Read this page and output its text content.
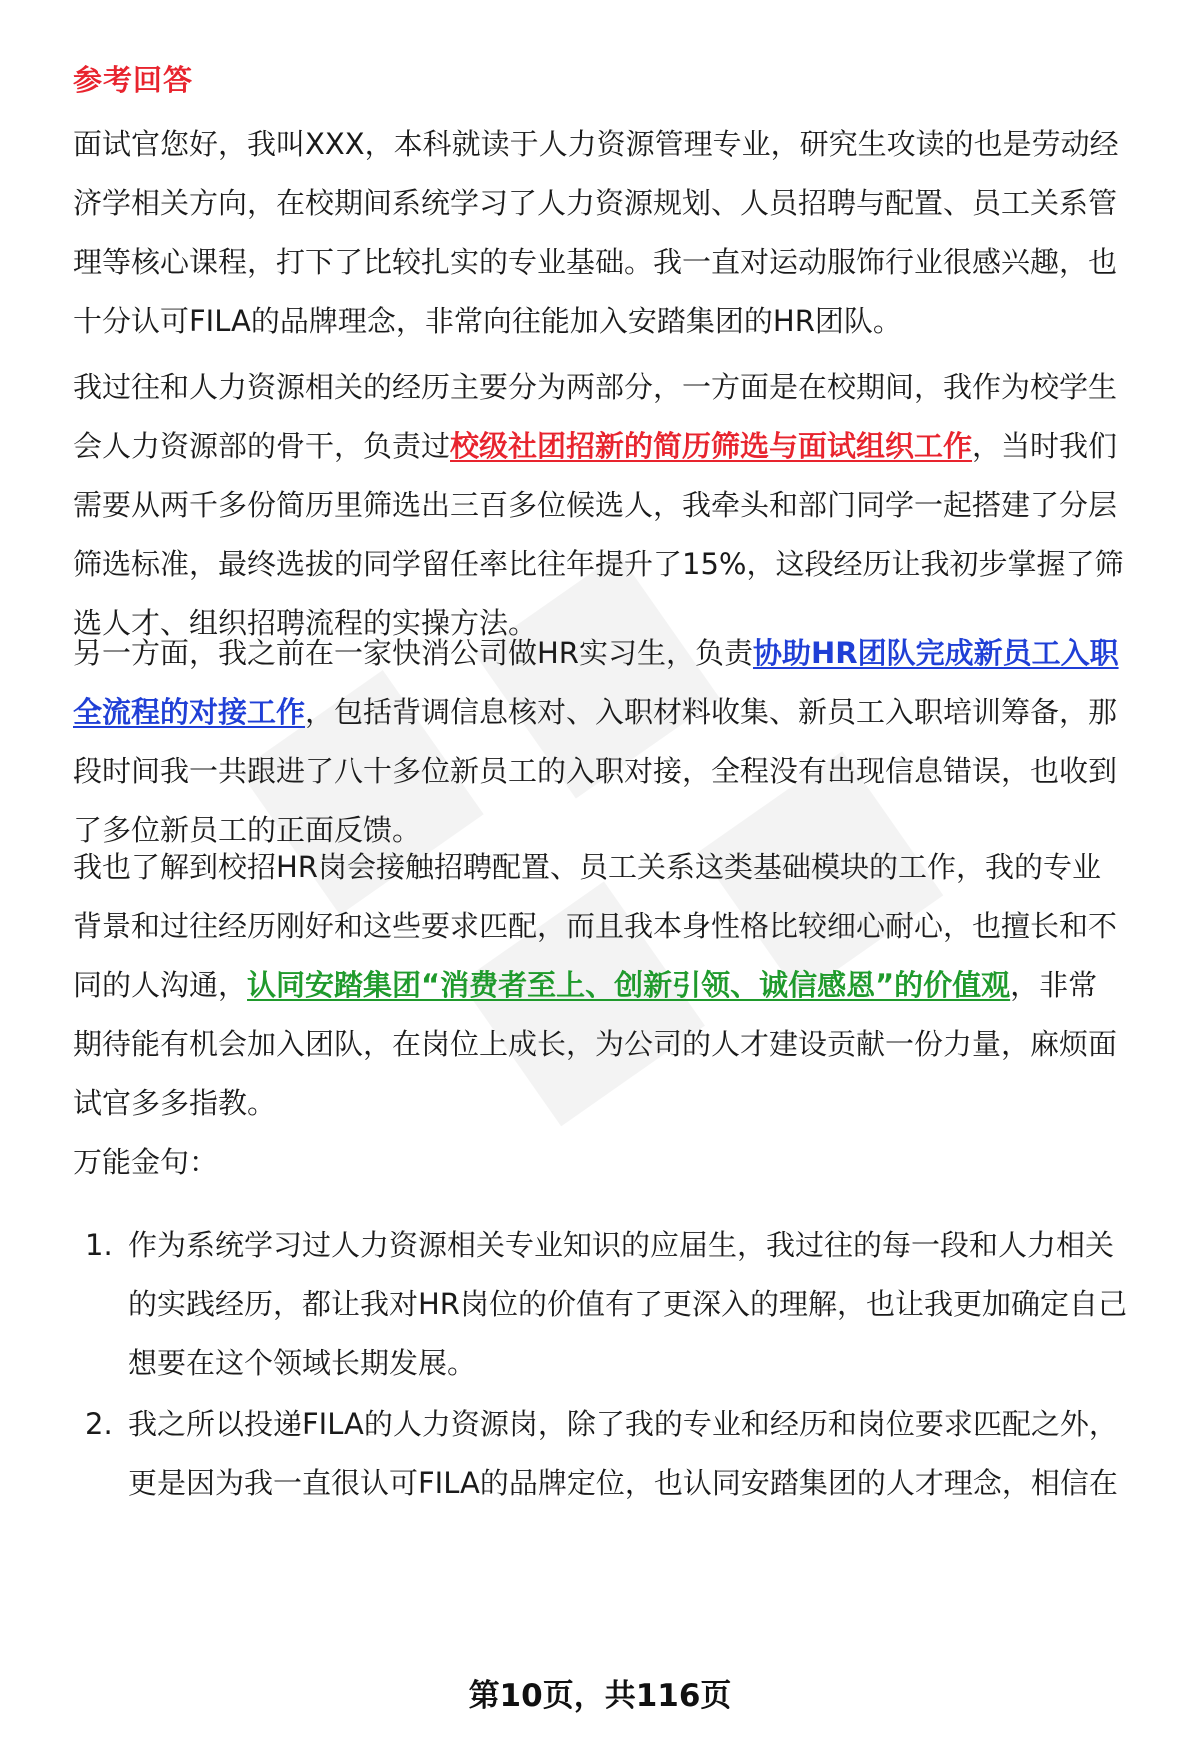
参考回答
面试官您好，我叫XXX，本科就读于人力资源管理专业，研究生攻读的也是劳动经
济学相关方向，在校期间系统学习了人力资源规划、人员招聘与配置、员工关系管
理等核心课程，打下了比较扎实的专业基础。我一直对运动服饰行业很感兴趣，也
十分认可FILA的品牌理念，非常向往能加入安踏集团的HR团队。
我过往和人力资源相关的经历主要分为两部分，一方面是在校期间，我作为校学生
会人力资源部的骨干，负责过校级社团招新的简历筛选与面试组织工作，当时我们
需要从两千多份简历里筛选出三百多位候选人，我牵头和部门同学一起搭建了分层
筛选标准，最终选拔的同学留任率比往年提升了15%，这段经历让我初步掌握了筛
选人才、组织招聘流程的实操方法。
另一方面，我之前在一家快消公司做HR实习生，负责协助HR团队完成新员工入职
全流程的对接工作，包括背调信息核对、入职材料收集、新员工入职培训筹备，那
段时间我一共跟进了八十多位新员工的入职对接，全程没有出现信息错误，也收到
了多位新员工的正面反馈。
我也了解到校招HR岗会接触招聘配置、员工关系这类基础模块的工作，我的专业
背景和过往经历刚好和这些要求匹配，而且我本身性格比较细心耐心，也擅长和不
同的人沟通，认同安踏集团“消费者至上、创新引领、诚信感恩”的价值观，非常
期待能有机会加入团队，在岗位上成长，为公司的人才建设贡献一份力量，麻烦面
试官多多指教。
万能金句：
1. 作为系统学习过人力资源相关专业知识的应届生，我过往的每一段和人力相关
的实践经历，都让我对HR岗位的价值有了更深入的理解，也让我更加确定自己
想要在这个领域长期发展。
2. 我之所以投递FILA的人力资源岗，除了我的专业和经历和岗位要求匹配之外，
更是因为我一直很认可FILA的品牌定位，也认同安踏集团的人才理念，相信在
第10页，共116页
